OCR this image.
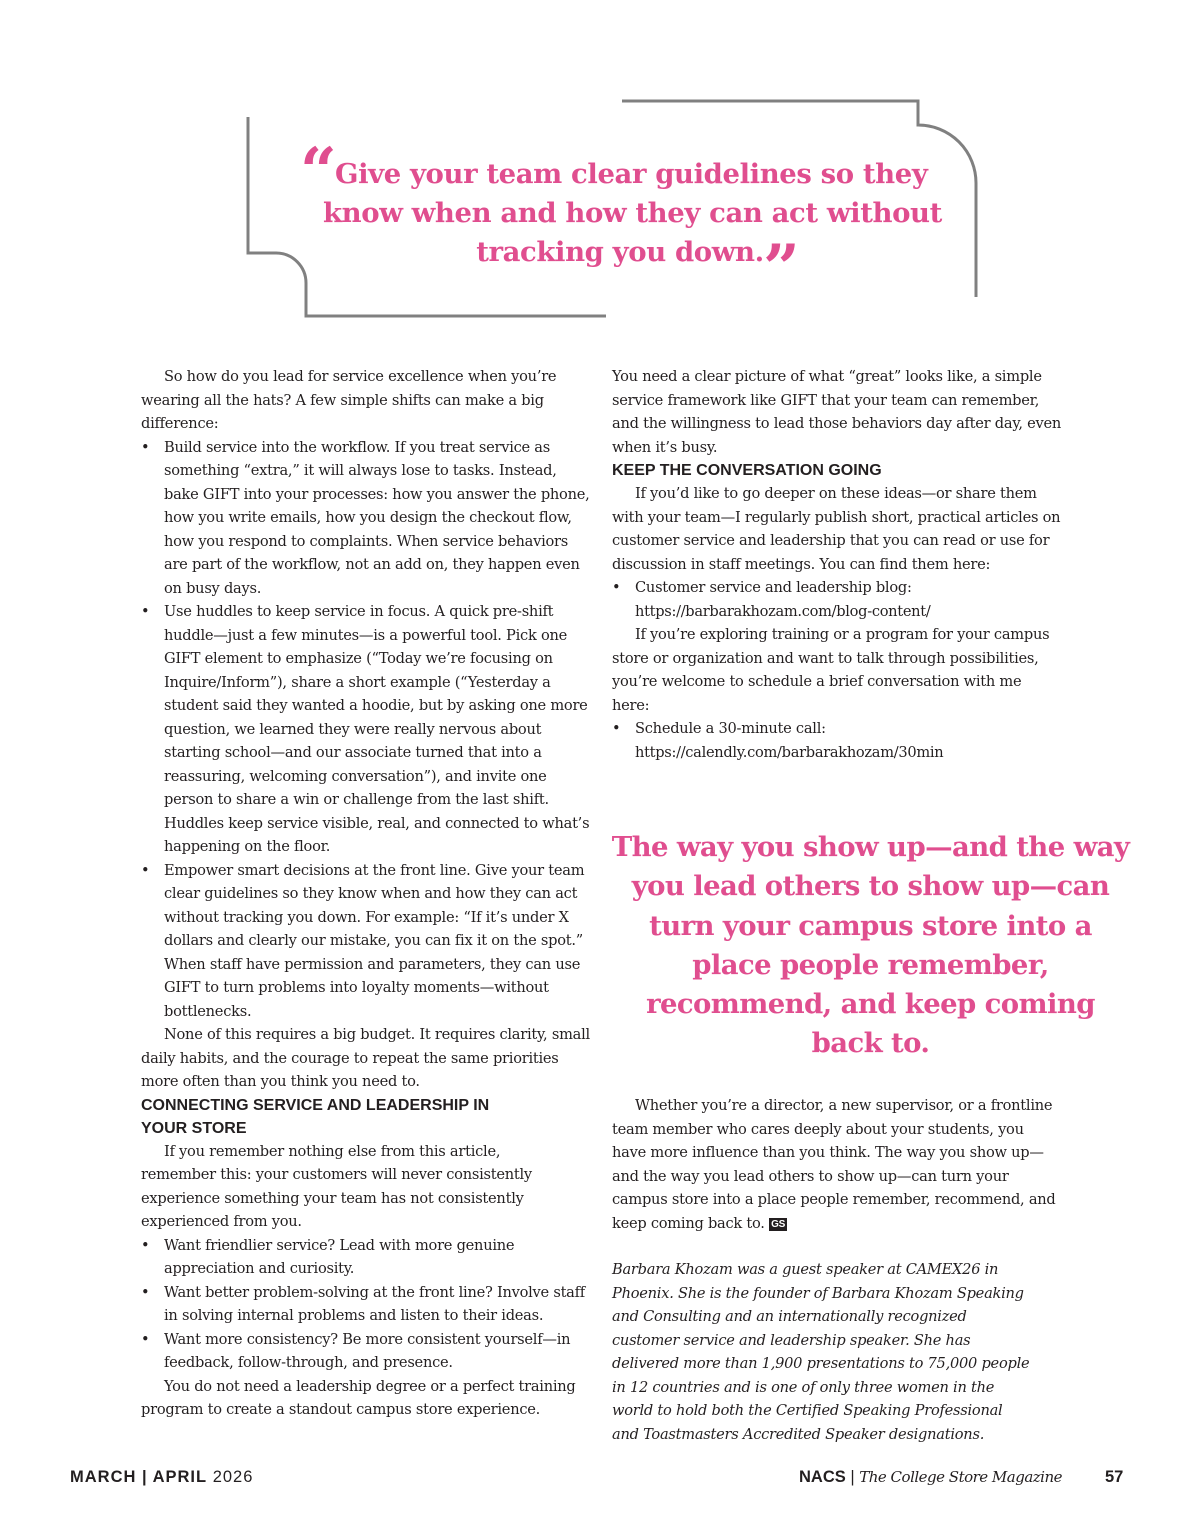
“
Give your team clear guidelines so they
know when and how they can act without
tracking you down. ”

So how do you lead for service excellence when you’re wearing all the hats? A few simple shifts can make a big difference:

• Build service into the workflow. If you treat service as something “extra,” it will always lose to tasks. Instead, bake GIFT into your processes: how you answer the phone, how you write emails, how you design the checkout flow, how you respond to complaints. When service behaviors are part of the workflow, not an add on, they happen even on busy days.
• Use huddles to keep service in focus. A quick pre-shift huddle—just a few minutes—is a powerful tool. Pick one GIFT element to emphasize (“Today we’re focusing on Inquire/Inform”), share a short example (“Yesterday a student said they wanted a hoodie, but by asking one more question, we learned they were really nervous about starting school—and our associate turned that into a reassuring, welcoming conversation”), and invite one person to share a win or challenge from the last shift. Huddles keep service visible, real, and connected to what’s happening on the floor.
• Empower smart decisions at the front line. Give your team clear guidelines so they know when and how they can act without tracking you down. For example: “If it’s under X dollars and clearly our mistake, you can fix it on the spot.” When staff have permission and parameters, they can use GIFT to turn problems into loyalty moments—without bottlenecks.

None of this requires a big budget. It requires clarity, small daily habits, and the courage to repeat the same priorities more often than you think you need to.

CONNECTING SERVICE AND LEADERSHIP IN YOUR STORE

If you remember nothing else from this article, remember this: your customers will never consistently experience something your team has not consistently experienced from you.

• Want friendlier service? Lead with more genuine appreciation and curiosity.
• Want better problem-solving at the front line? Involve staff in solving internal problems and listen to their ideas.
• Want more consistency? Be more consistent yourself—in feedback, follow-through, and presence.

You do not need a leadership degree or a perfect training program to create a standout campus store experience.

You need a clear picture of what “great” looks like, a simple service framework like GIFT that your team can remember, and the willingness to lead those behaviors day after day, even when it’s busy.

KEEP THE CONVERSATION GOING

If you’d like to go deeper on these ideas—or share them with your team—I regularly publish short, practical articles on customer service and leadership that you can read or use for discussion in staff meetings. You can find them here:

• Customer service and leadership blog:
https://barbarakhozam.com/blog-content/

If you’re exploring training or a program for your campus store or organization and want to talk through possibilities, you’re welcome to schedule a brief conversation with me here:

• Schedule a 30-minute call:
https://calendly.com/barbarakhozam/30min
The way you show up—and the way you lead others to show up—can turn your campus store into a place people remember, recommend, and keep coming back to.

Whether you’re a director, a new supervisor, or a frontline team member who cares deeply about your students, you have more influence than you think. The way you show up—and the way you lead others to show up—can turn your campus store into a place people remember, recommend, and keep coming back to. GS

Barbara Khozam was a guest speaker at CAMEX26 in Phoenix. She is the founder of Barbara Khozam Speaking and Consulting and an internationally recognized customer service and leadership speaker. She has delivered more than 1,900 presentations to 75,000 people in 12 countries and is one of only three women in the world to hold both the Certified Speaking Professional and Toastmasters Accredited Speaker designations.

MARCH | APRIL 2026	NACS | The College Store Magazine	57
